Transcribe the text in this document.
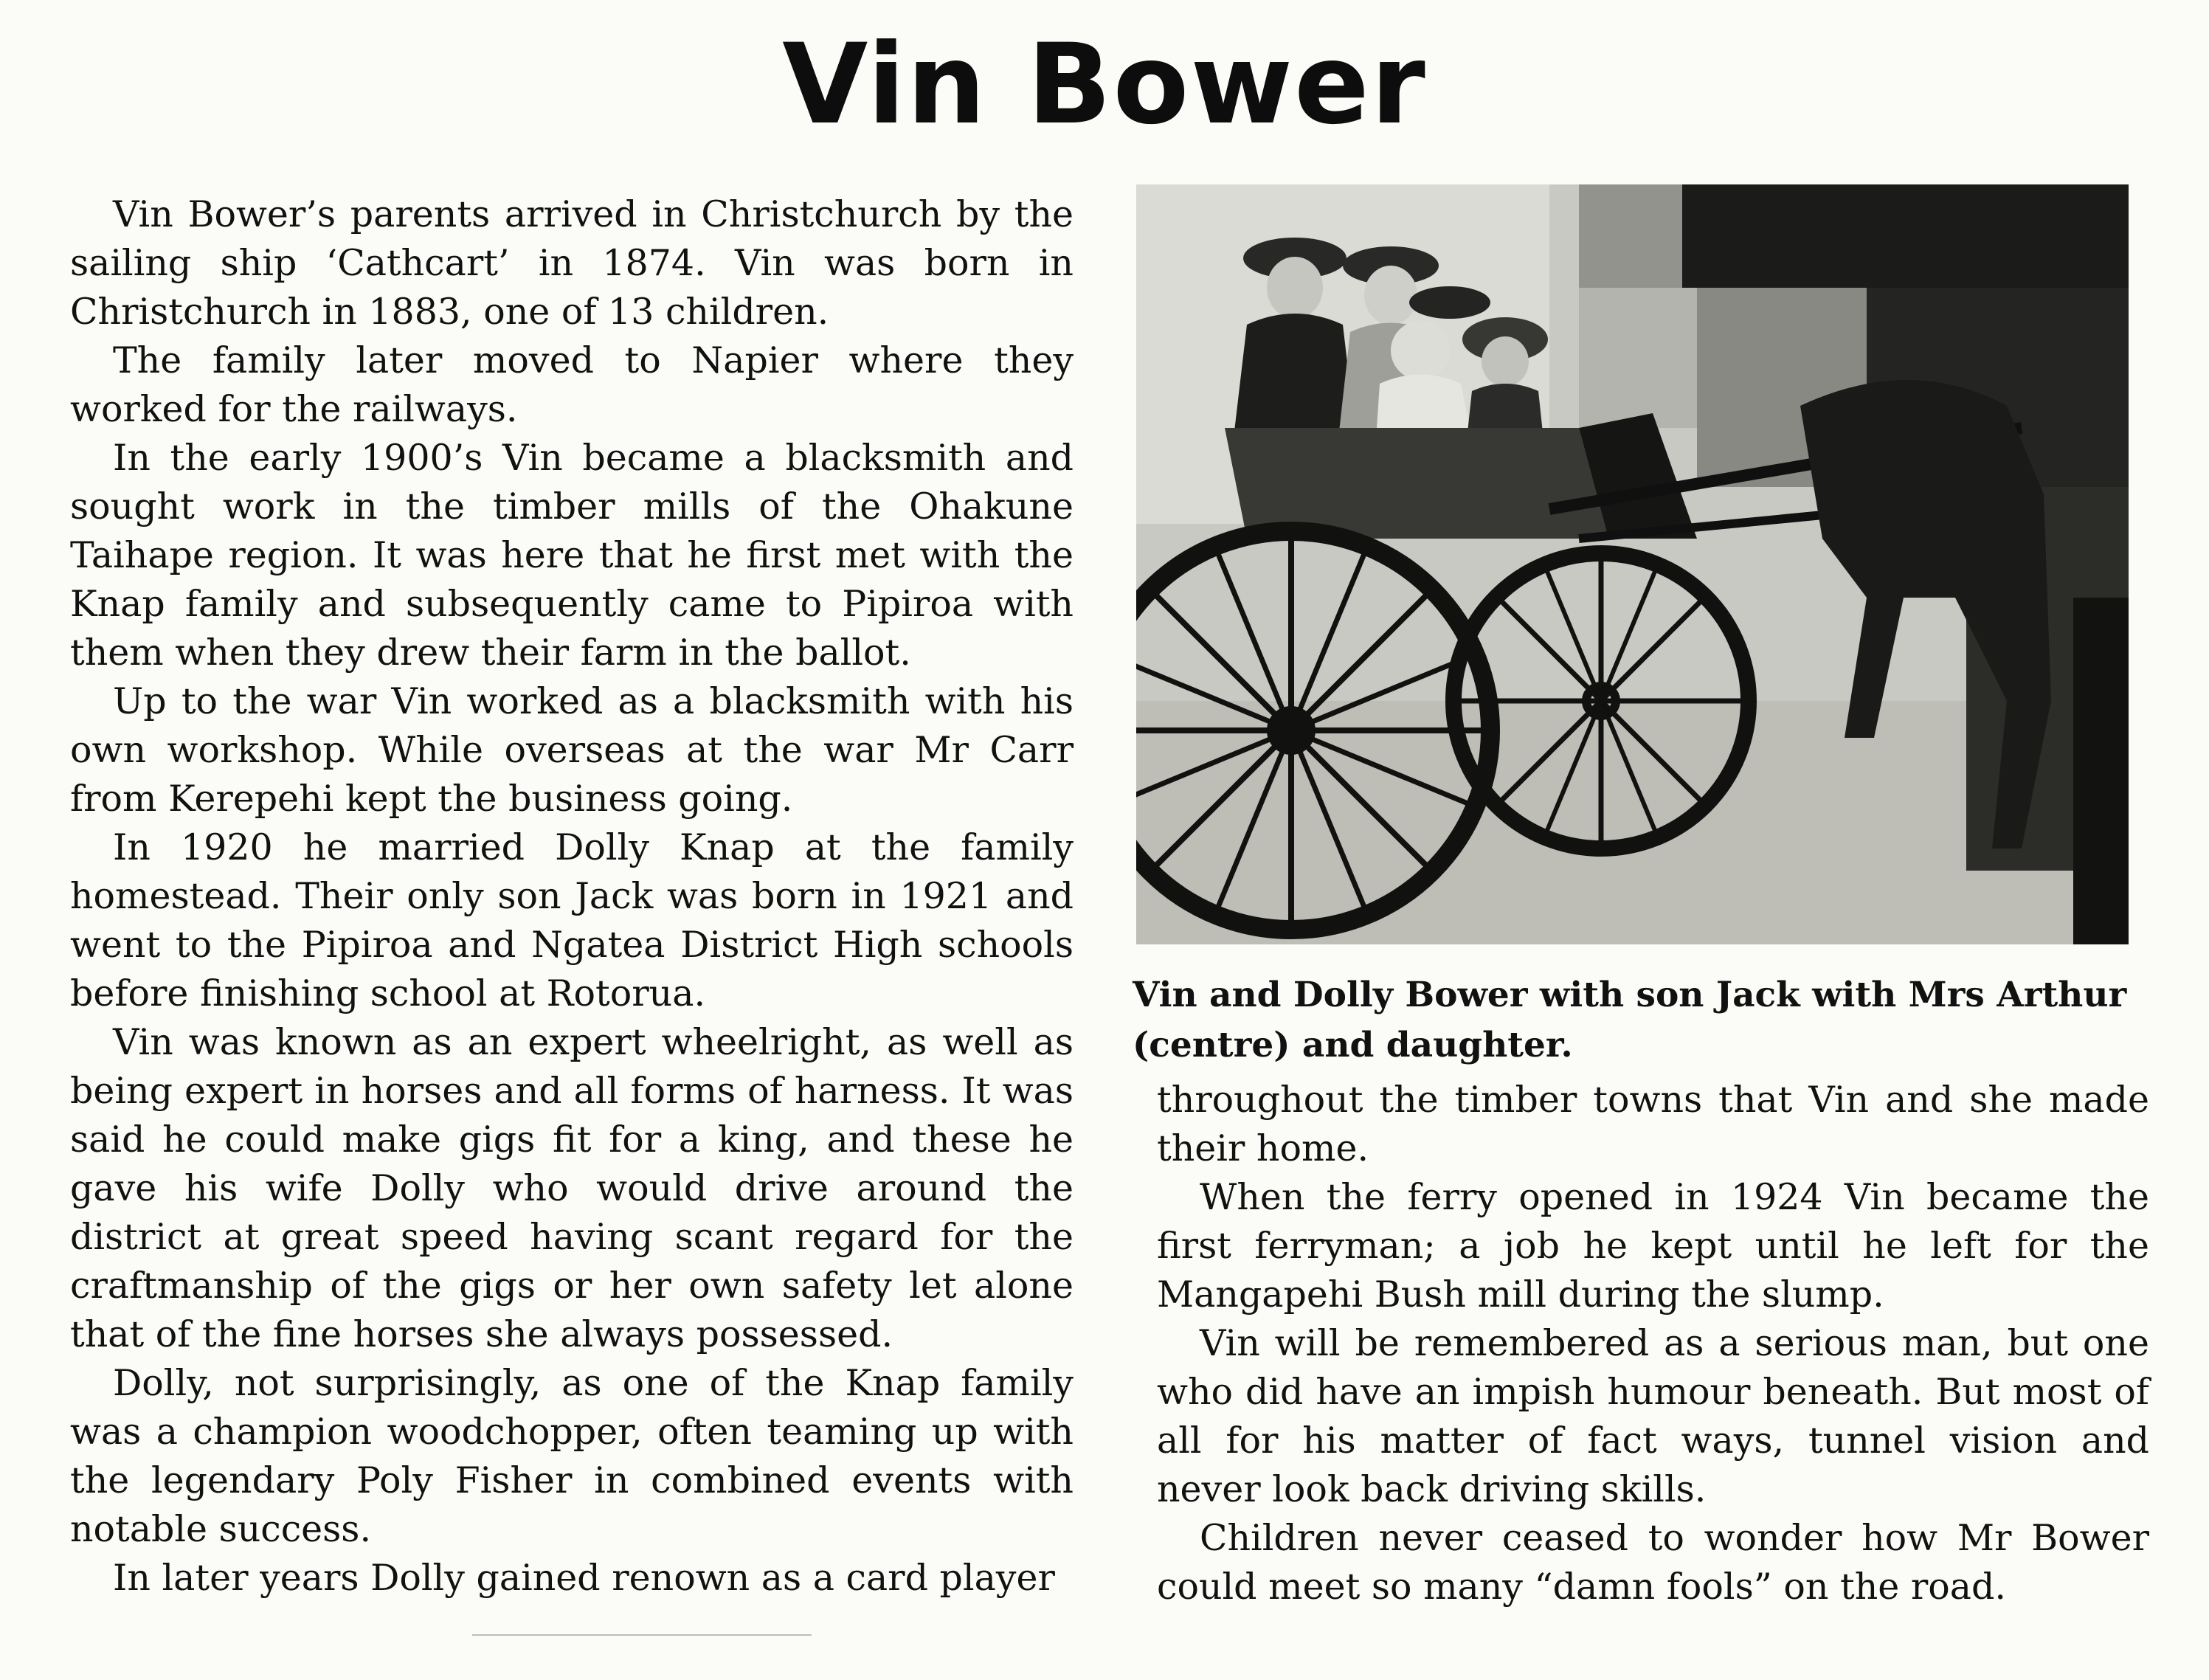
Vin Bower

Vin Bower’s parents arrived in Christchurch by the sailing ship ‘Cathcart’ in 1874. Vin was born in Christchurch in 1883, one of 13 children.

The family later moved to Napier where they worked for the railways.

In the early 1900’s Vin became a blacksmith and sought work in the timber mills of the Ohakune Taihape region. It was here that he first met with the Knap family and subsequently came to Pipiroa with them when they drew their farm in the ballot.

Up to the war Vin worked as a blacksmith with his own workshop. While overseas at the war Mr Carr from Kerepehi kept the business going.

In 1920 he married Dolly Knap at the family homestead. Their only son Jack was born in 1921 and went to the Pipiroa and Ngatea District High schools before finishing school at Rotorua.

Vin was known as an expert wheelright, as well as being expert in horses and all forms of harness. It was said he could make gigs fit for a king, and these he gave his wife Dolly who would drive around the district at great speed having scant regard for the craftmanship of the gigs or her own safety let alone that of the fine horses she always possessed.

Dolly, not surprisingly, as one of the Knap family was a champion woodchopper, often teaming up with the legendary Poly Fisher in combined events with notable success.

In later years Dolly gained renown as a card player

Vin and Dolly Bower with son Jack with Mrs Arthur (centre) and daughter.

throughout the timber towns that Vin and she made their home.

When the ferry opened in 1924 Vin became the first ferryman; a job he kept until he left for the Mangapehi Bush mill during the slump.

Vin will be remembered as a serious man, but one who did have an impish humour beneath. But most of all for his matter of fact ways, tunnel vision and never look back driving skills.

Children never ceased to wonder how Mr Bower could meet so many “damn fools” on the road.
